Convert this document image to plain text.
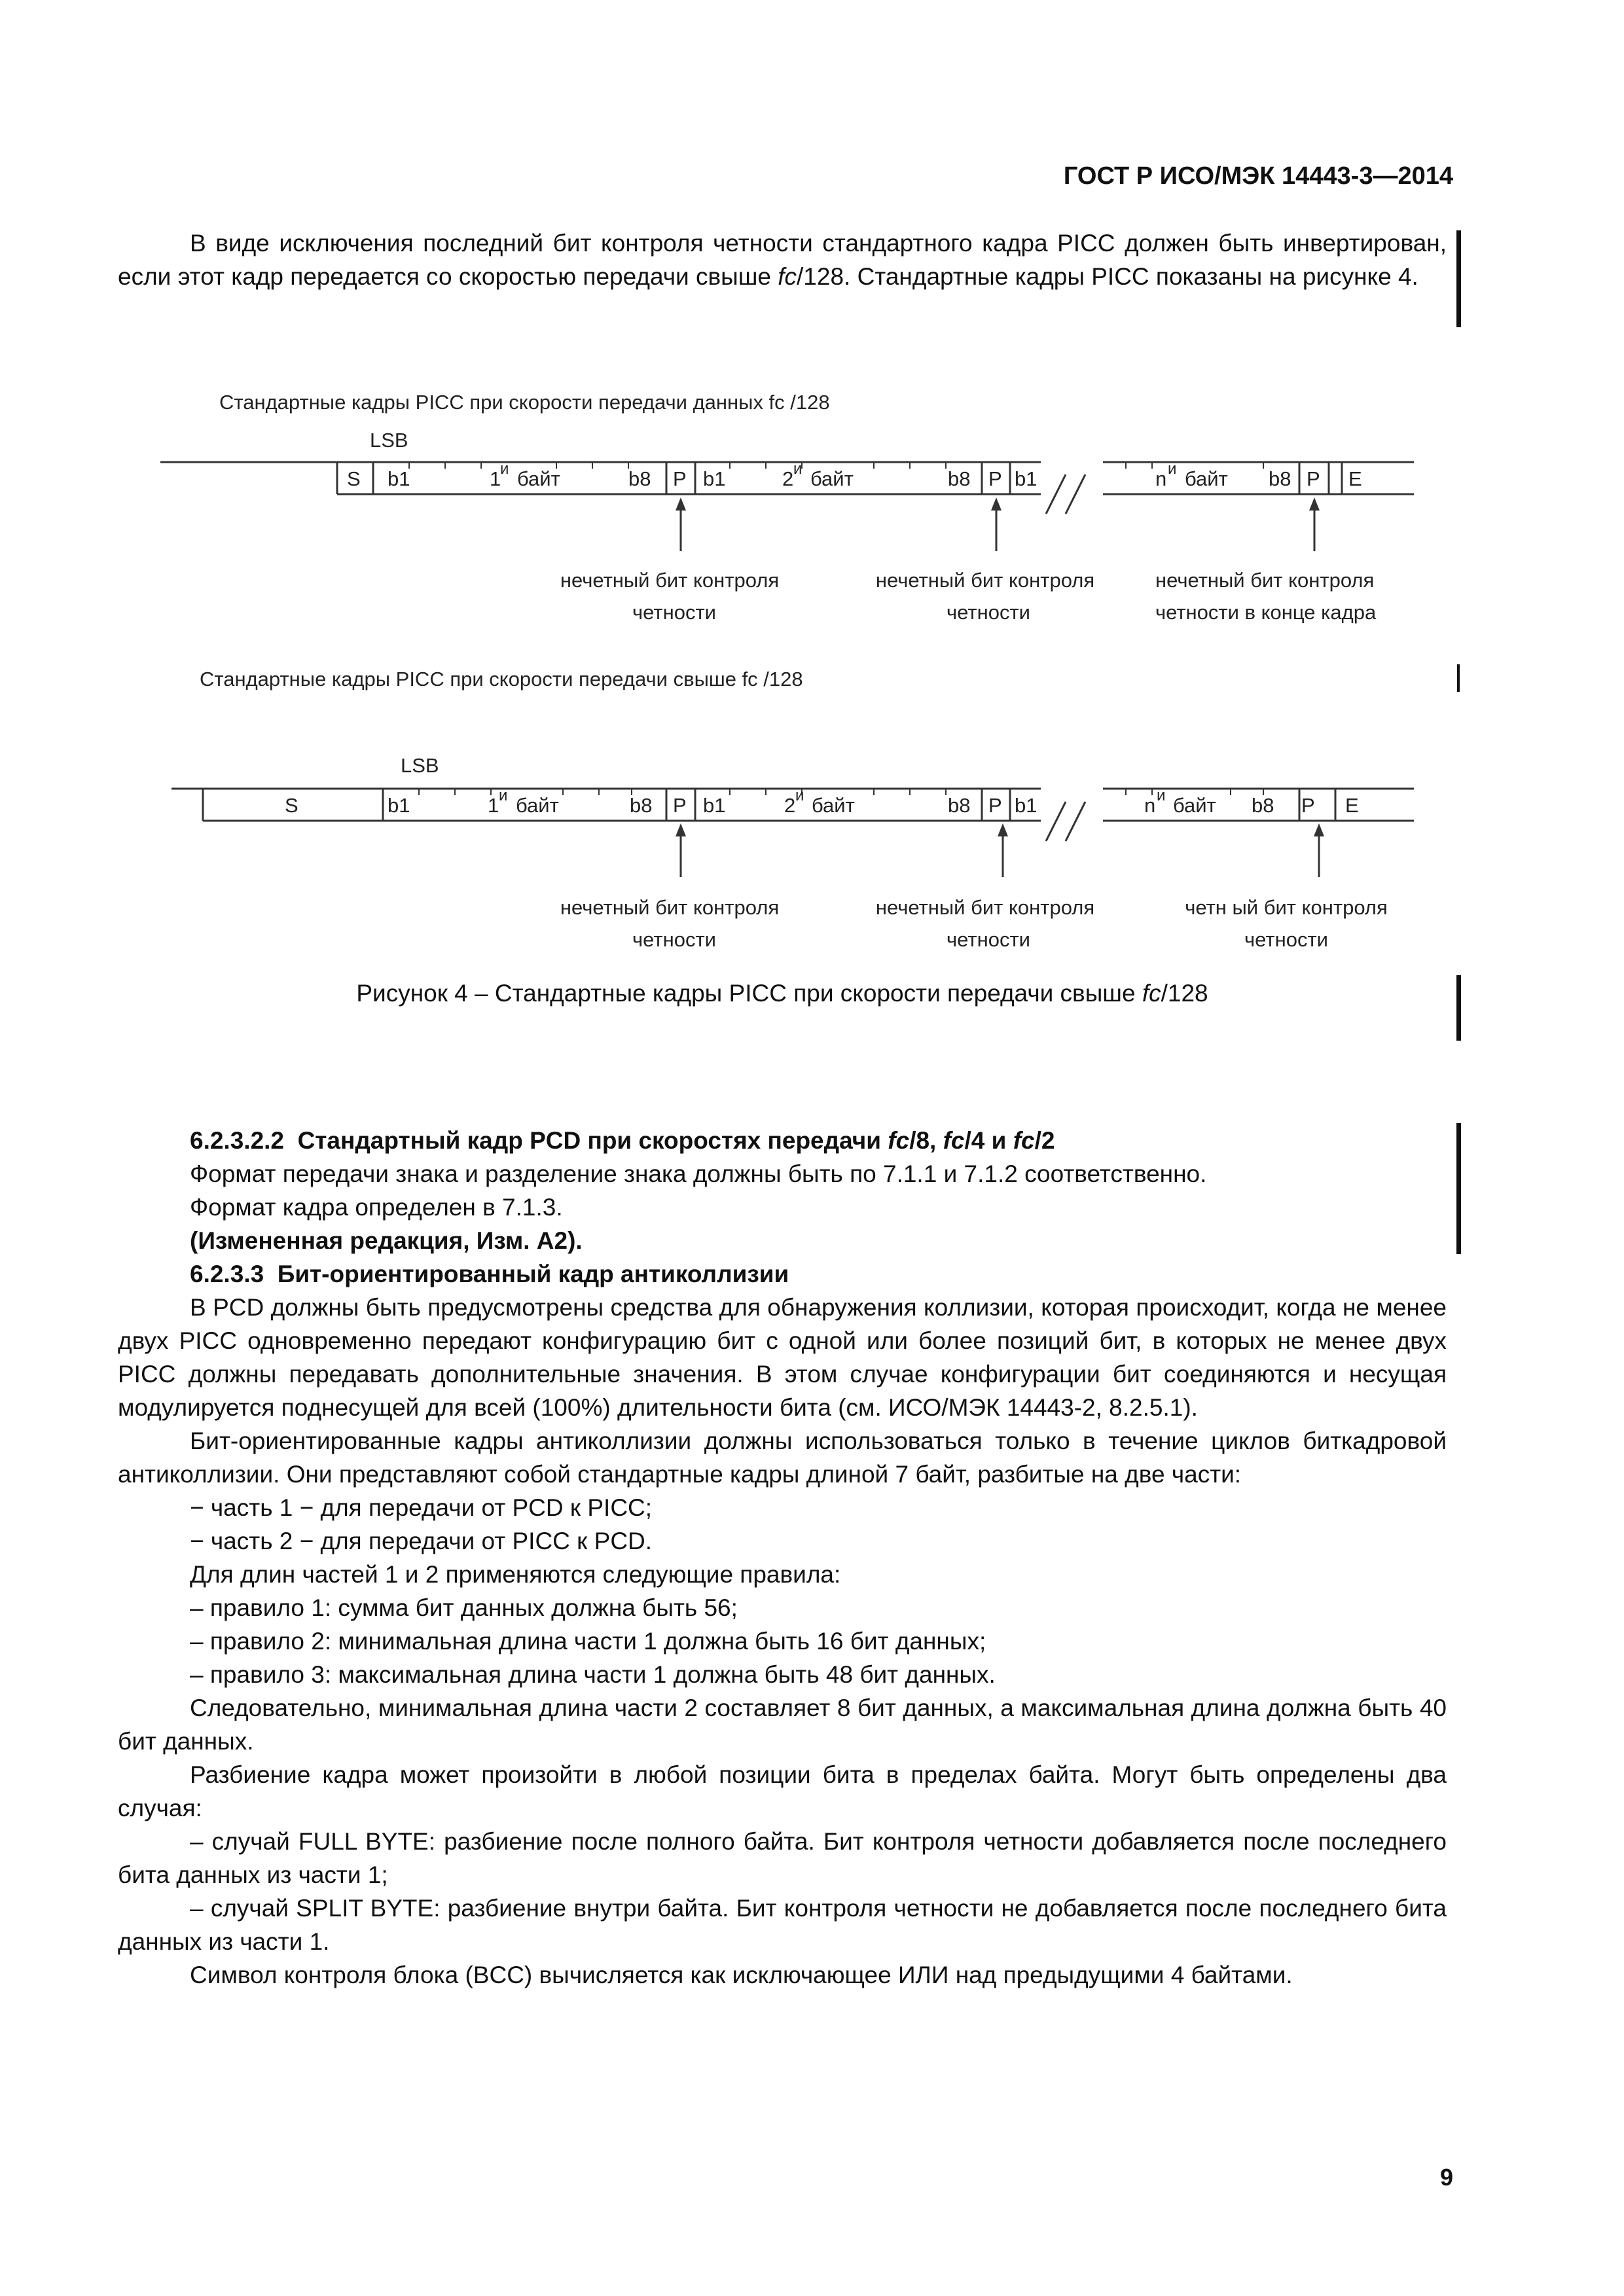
ГОСТ Р ИСО/МЭК 14443-3—2014

В виде исключения последний бит контроля четности стандартного кадра PICC должен быть инвертирован, если этот кадр передается со скоростью передачи свыше fc/128. Стандартные кадры PICC показаны на рисунке 4.

Стандартные кадры PICC при скорости передачи данных fc /128
LSB
S b1	1
и байт	b8 P b1	2 и байт	b8 P b1	n и байт b8 P E
нечетный бит контроля
четности
нечетный бит контроля
четности
нечетный бит контроля
четности в конце кадра
Стандартные кадры PICC при скорости передачи свыше fc /128
LSB
S	b1	1 и байт	b8 P b1	2 и байт	b8 P b1	n и байт b8 P E
нечетный бит контроля
четности
нечетный бит контроля
четности
четн ый бит контроля
четности
Рисунок 4 – Стандартные кадры PICC при скорости передачи свыше fc/128

6.2.3.2.2 Стандартный кадр PCD при скоростях передачи fc/8, fc/4 и fc/2

Формат передачи знака и разделение знака должны быть по 7.1.1 и 7.1.2 соответственно.

Формат кадра определен в 7.1.3.

(Измененная редакция, Изм. А2).

6.2.3.3 Бит-ориентированный кадр антиколлизии

В PCD должны быть предусмотрены средства для обнаружения коллизии, которая происходит, когда не менее двух PICC одновременно передают конфигурацию бит с одной или более позиций бит, в которых не менее двух PICC должны передавать дополнительные значения. В этом случае конфигурации бит соединяются и несущая модулируется поднесущей для всей (100%) длительности бита (см. ИСО/МЭК 14443-2, 8.2.5.1).

Бит-ориентированные кадры антиколлизии должны использоваться только в течение циклов биткадровой антиколлизии. Они представляют собой стандартные кадры длиной 7 байт, разбитые на две части:

− часть 1 − для передачи от PCD к PICC;

− часть 2 − для передачи от PICC к PCD.

Для длин частей 1 и 2 применяются следующие правила:

– правило 1: сумма бит данных должна быть 56;

– правило 2: минимальная длина части 1 должна быть 16 бит данных;

– правило 3: максимальная длина части 1 должна быть 48 бит данных.

Следовательно, минимальная длина части 2 составляет 8 бит данных, а максимальная длина должна быть 40 бит данных.

Разбиение кадра может произойти в любой позиции бита в пределах байта. Могут быть определены два случая:

– случай FULL BYTE: разбиение после полного байта. Бит контроля четности добавляется после последнего бита данных из части 1;

– случай SPLIT BYTE: разбиение внутри байта. Бит контроля четности не добавляется после последнего бита данных из части 1.

Символ контроля блока (BCC) вычисляется как исключающее ИЛИ над предыдущими 4 байтами.

9
